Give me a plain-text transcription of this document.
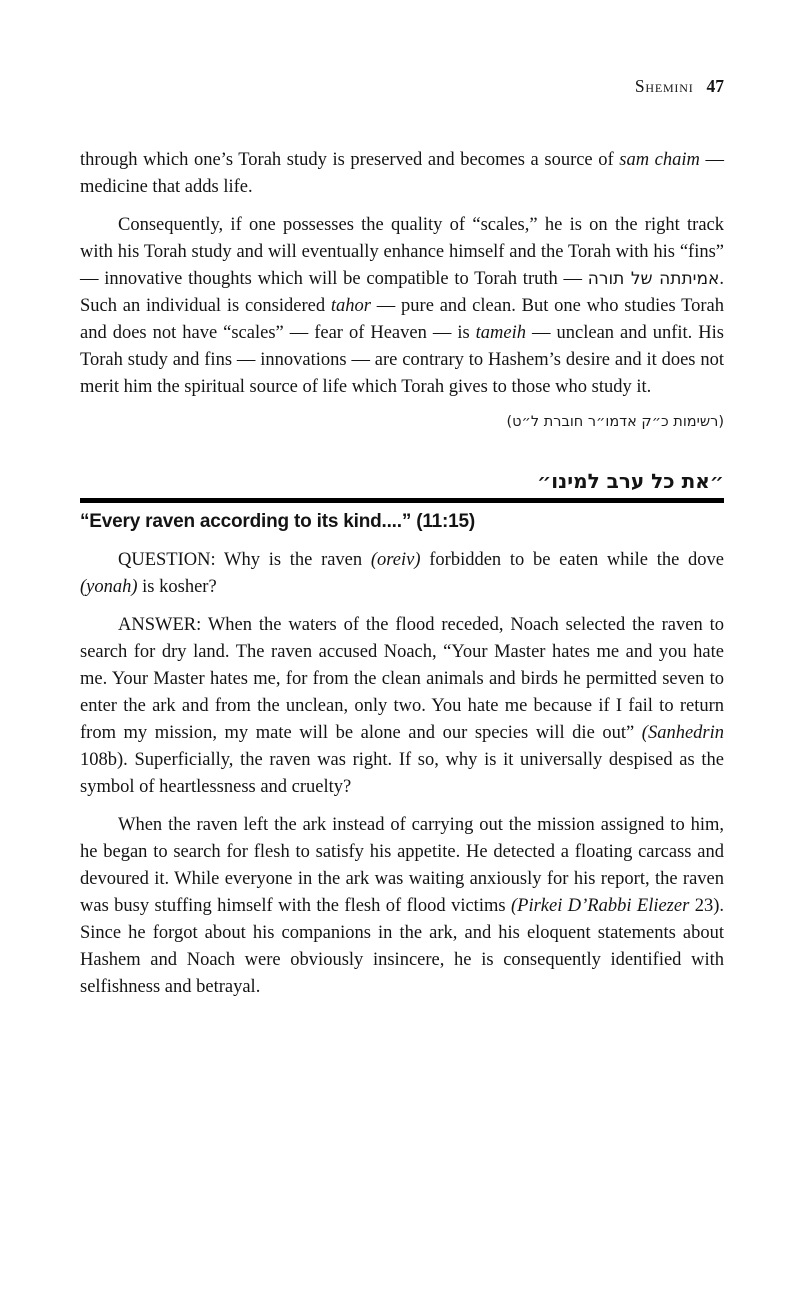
Shemini 47

through which one’s Torah study is preserved and becomes a source of sam chaim — medicine that adds life.

Consequently, if one possesses the quality of “scales,” he is on the right track with his Torah study and will eventually enhance himself and the Torah with his “fins” — innovative thoughts which will be compatible to Torah truth — אמיתתה של תורה. Such an individual is considered tahor — pure and clean. But one who studies Torah and does not have “scales” — fear of Heaven — is tameih — unclean and unfit. His Torah study and fins — innovations — are contrary to Hashem’s desire and it does not merit him the spiritual source of life which Torah gives to those who study it.

(רשימות כ״ק אדמו״ר חוברת ל״ט)

״את כל ערב למינו״
“Every raven according to its kind....” (11:15)

QUESTION: Why is the raven (oreiv) forbidden to be eaten while the dove (yonah) is kosher?

ANSWER: When the waters of the flood receded, Noach selected the raven to search for dry land. The raven accused Noach, “Your Master hates me and you hate me. Your Master hates me, for from the clean animals and birds he permitted seven to enter the ark and from the unclean, only two. You hate me because if I fail to return from my mission, my mate will be alone and our species will die out” (Sanhedrin 108b). Superficially, the raven was right. If so, why is it universally despised as the symbol of heartlessness and cruelty?

When the raven left the ark instead of carrying out the mission assigned to him, he began to search for flesh to satisfy his appetite. He detected a floating carcass and devoured it. While everyone in the ark was waiting anxiously for his report, the raven was busy stuffing himself with the flesh of flood victims (Pirkei D’Rabbi Eliezer 23). Since he forgot about his companions in the ark, and his eloquent statements about Hashem and Noach were obviously insincere, he is consequently identified with selfishness and betrayal.
